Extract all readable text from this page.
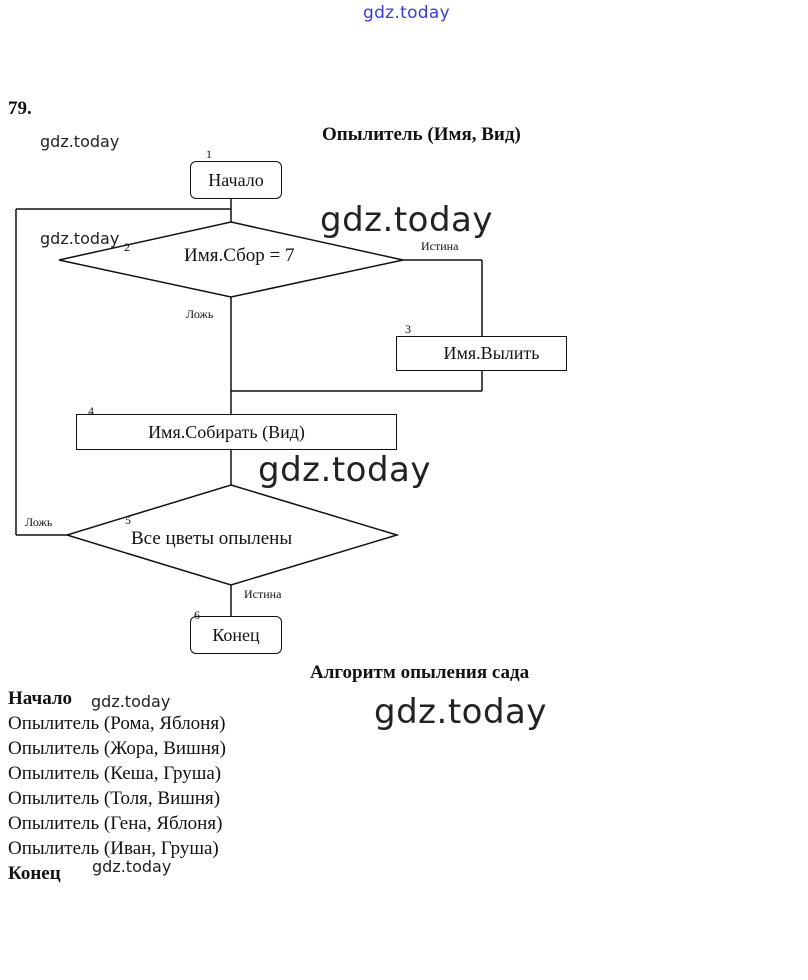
gdz.today
gdz.today
gdz.today	gdz.today
gdz.today
gdz.today	gdz.today
gdz.today
79.
Опылитель (Имя, Вид)
Начало
1
Имя.Сбор = 7
2	Истина
Ложь
Имя.Вылить
3
Имя.Собирать (Вид)
4
Все цветы опылены
5
Ложь
Истина
Конец
6
Алгоритм опыления сада
Начало
Опылитель (Рома, Яблоня)
Опылитель (Жора, Вишня)
Опылитель (Кеша, Груша)
Опылитель (Толя, Вишня)
Опылитель (Гена, Яблоня)
Опылитель (Иван, Груша)
Конец
